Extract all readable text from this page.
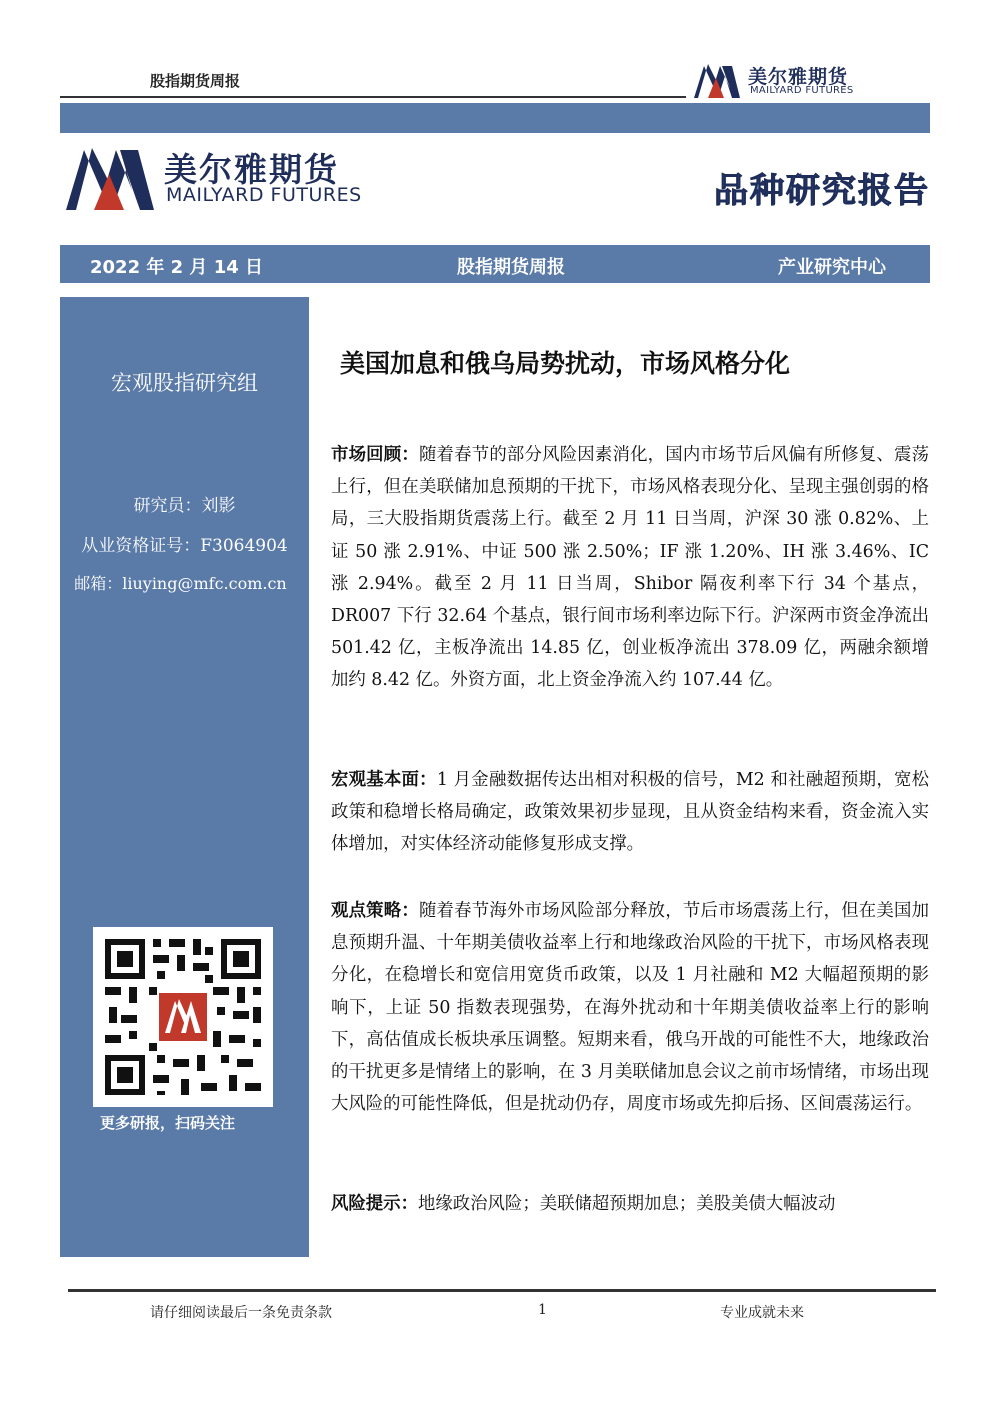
股指期货周报	美尔雅期货
MAILYARD FUTURES
美尔雅期货
MAILYARD FUTURES	品种研究报告
2022 年 2 月 14 日	股指期货周报	产业研究中心
宏观股指研究组
研究员：刘影
从业资格证号：F3064904
邮箱：liuying@mfc.com.cn
更多研报，扫码关注
美国加息和俄乌局势扰动，市场风格分化
市场回顾：随着春节的部分风险因素消化，国内市场节后风偏有所修复、震荡上行，但在美联储加息预期的干扰下，市场风格表现分化、呈现主强创弱的格局，三大股指期货震荡上行。截至 2 月 11 日当周，沪深 30 涨 0.82%、上证 50 涨 2.91%、中证 500 涨 2.50%；IF 涨 1.20%、IH 涨 3.46%、IC 涨 2.94%。截至 2 月 11 日当周，Shibor 隔夜利率下行 34 个基点，DR007 下行 32.64 个基点，银行间市场利率边际下行。沪深两市资金净流出 501.42 亿，主板净流出 14.85 亿，创业板净流出 378.09 亿，两融余额增加约 8.42 亿。外资方面，北上资金净流入约 107.44 亿。
宏观基本面：1 月金融数据传达出相对积极的信号，M2 和社融超预期，宽松政策和稳增长格局确定，政策效果初步显现，且从资金结构来看，资金流入实体增加，对实体经济动能修复形成支撑。
观点策略：随着春节海外市场风险部分释放，节后市场震荡上行，但在美国加息预期升温、十年期美债收益率上行和地缘政治风险的干扰下，市场风格表现分化，在稳增长和宽信用宽货币政策，以及 1 月社融和 M2 大幅超预期的影响下，上证 50 指数表现强势，在海外扰动和十年期美债收益率上行的影响下，高估值成长板块承压调整。短期来看，俄乌开战的可能性不大，地缘政治的干扰更多是情绪上的影响，在 3 月美联储加息会议之前市场情绪，市场出现大风险的可能性降低，但是扰动仍存，周度市场或先抑后扬、区间震荡运行。
风险提示：地缘政治风险；美联储超预期加息；美股美债大幅波动
请仔细阅读最后一条免责条款	1	专业成就未来
